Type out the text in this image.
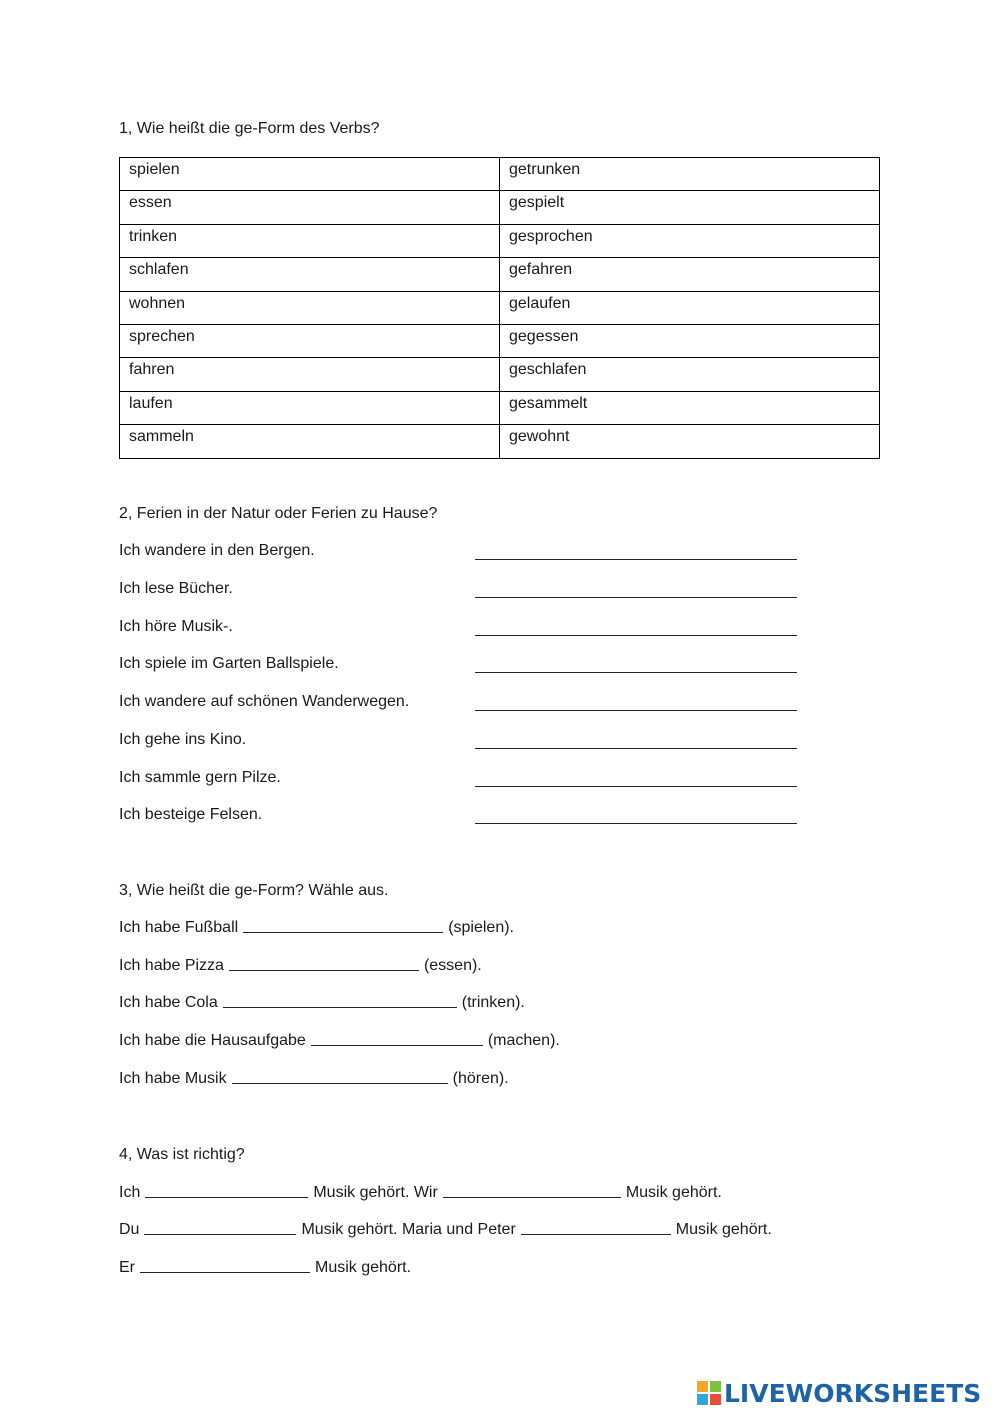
1, Wie heißt die ge-Form des Verbs?
spielen	getrunken
essen	gespielt
trinken	gesprochen
schlafen	gefahren
wohnen	gelaufen
sprechen	gegessen
fahren	geschlafen
laufen	gesammelt
sammeln	gewohnt
2, Ferien in der Natur oder Ferien zu Hause?
Ich wandere in den Bergen.
Ich lese Bücher.
Ich höre Musik-.
Ich spiele im Garten Ballspiele.
Ich wandere auf schönen Wanderwegen.
Ich gehe ins Kino.
Ich sammle gern Pilze.
Ich besteige Felsen.
3, Wie heißt die ge-Form? Wähle aus.
Ich habe Fußball	(spielen).
Ich habe Pizza	(essen).
Ich habe Cola	(trinken).
Ich habe die Hausaufgabe	(machen).
Ich habe Musik	(hören).
4, Was ist richtig?
Ich	Musik gehört. Wir	Musik gehört.
Du	Musik gehört. Maria und Peter	Musik gehört.
Er	Musik gehört.
LIVEWORKSHEETS
